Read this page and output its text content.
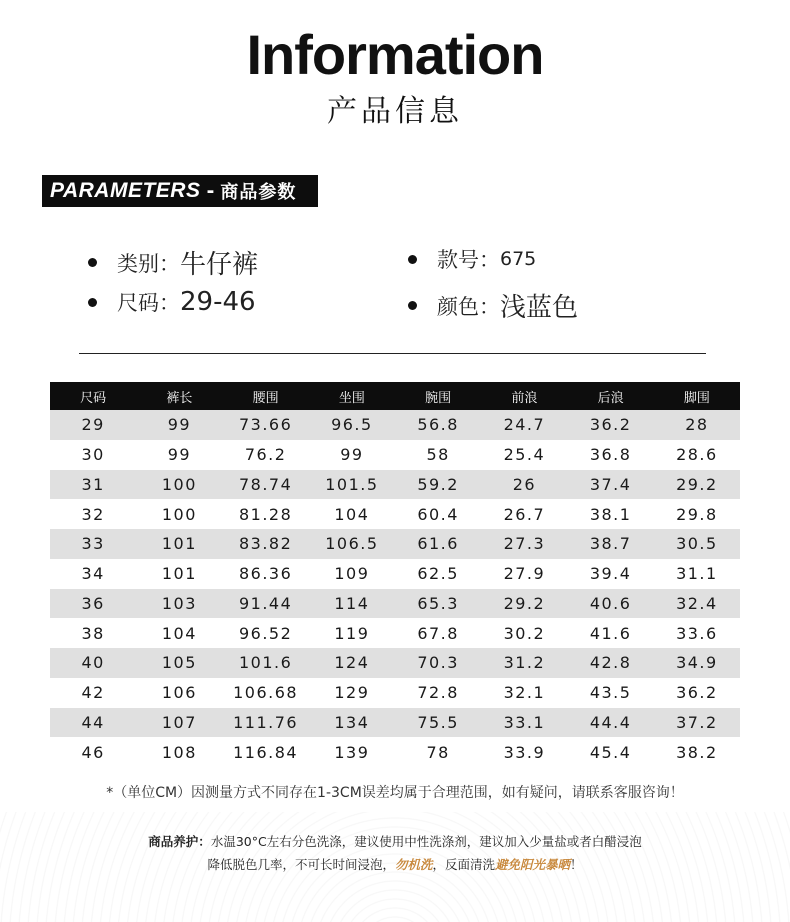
Information
产品信息
PARAMETERS - 商品参数
类别： 牛仔裤	款号： 675
尺码： 29-46	颜色： 浅蓝色
尺码	裤长	腰围	坐围	腕围	前浪	后浪	脚围
29	99	73.66	96.5	56.8	24.7	36.2	28
30	99	76.2	99	58	25.4	36.8	28.6
31	100	78.74	101.5	59.2	26	37.4	29.2
32	100	81.28	104	60.4	26.7	38.1	29.8
33	101	83.82	106.5	61.6	27.3	38.7	30.5
34	101	86.36	109	62.5	27.9	39.4	31.1
36	103	91.44	114	65.3	29.2	40.6	32.4
38	104	96.52	119	67.8	30.2	41.6	33.6
40	105	101.6	124	70.3	31.2	42.8	34.9
42	106	106.68	129	72.8	32.1	43.5	36.2
44	107	111.76	134	75.5	33.1	44.4	37.2
46	108	116.84	139	78	33.9	45.4	38.2
*（单位CM）因测量方式不同存在1-3CM误差均属于合理范围，如有疑问，请联系客服咨询！
商品养护：水温30°C左右分色洗涤，建议使用中性洗涤剂，建议加入少量盐或者白醋浸泡
降低脱色几率，不可长时间浸泡，勿机洗，反面清洗避免阳光暴晒！
